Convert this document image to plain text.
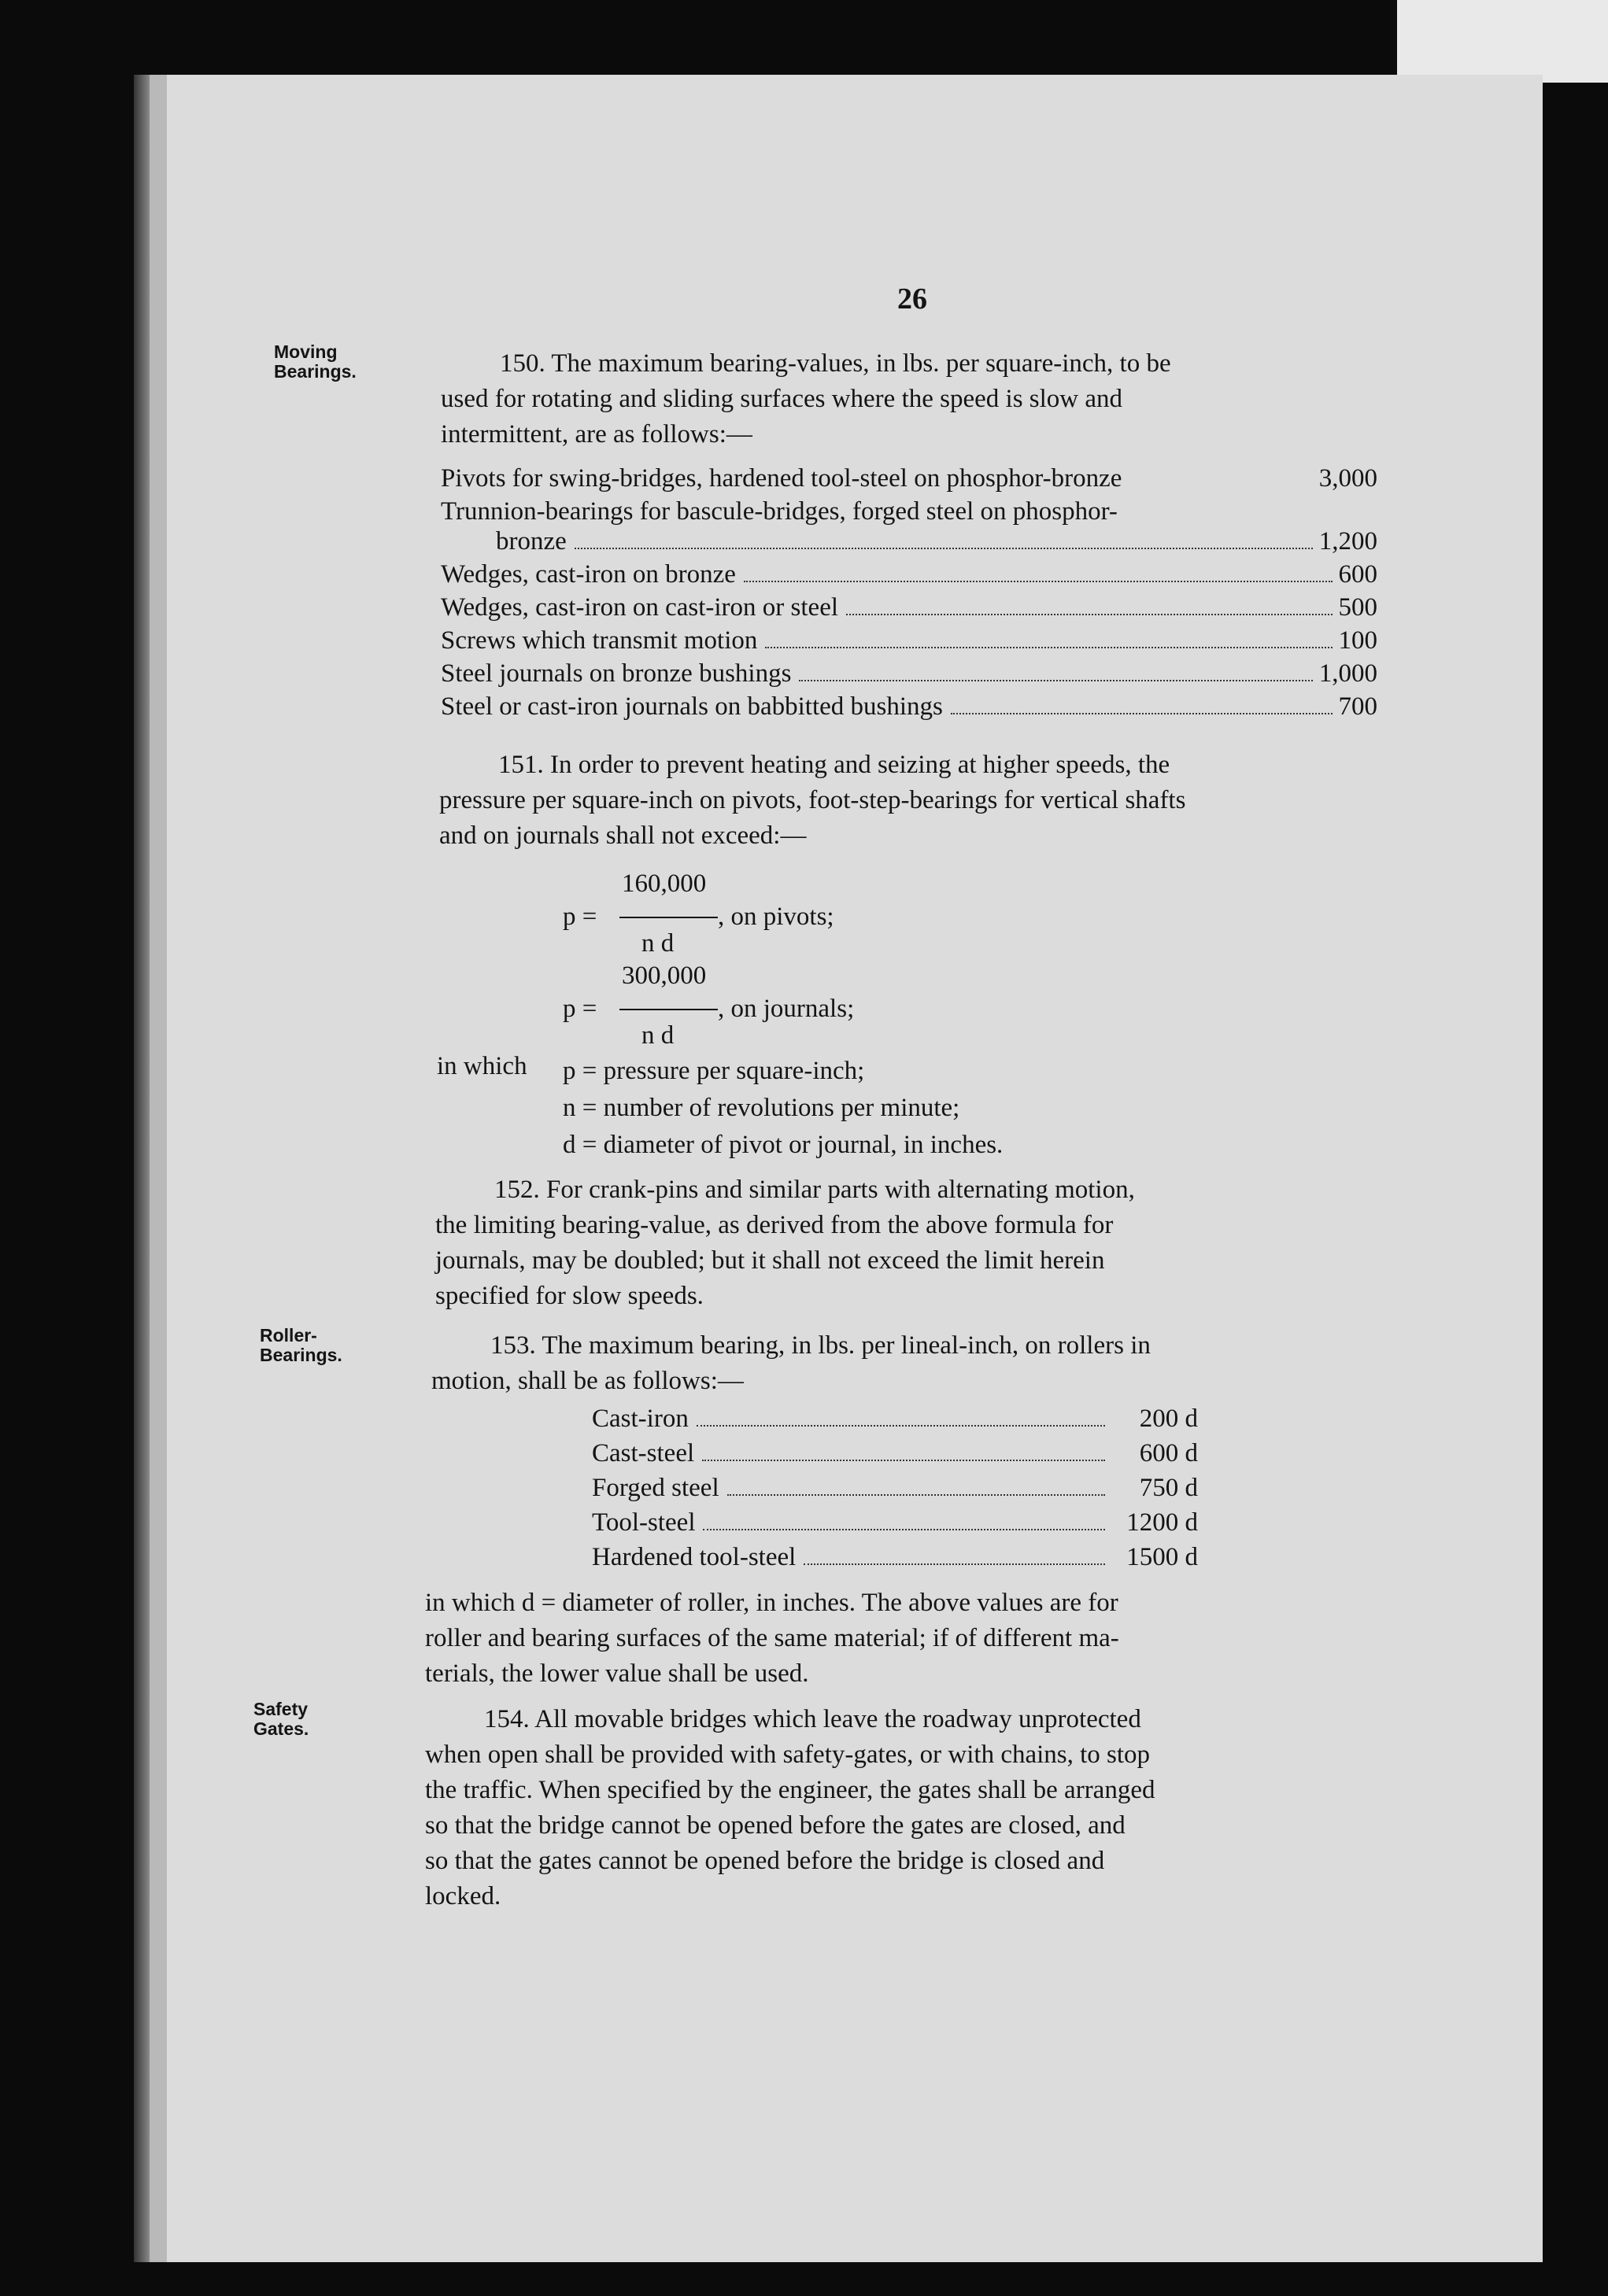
26
Moving
Bearings.
Roller-
Bearings.
Safety
Gates.
150. The maximum bearing-values, in lbs. per square-inch, to be
used for rotating and sliding surfaces where the speed is slow and
intermittent, are as follows:—
Pivots for swing-bridges, hardened tool-steel on phosphor-bronze	3,000
Trunnion-bearings for bascule-bridges, forged steel on phosphor-
bronze	1,200
Wedges, cast-iron on bronze	600
Wedges, cast-iron on cast-iron or steel	500
Screws which transmit motion	100
Steel journals on bronze bushings	1,000
Steel or cast-iron journals on babbitted bushings	700
151. In order to prevent heating and seizing at higher speeds, the
pressure per square-inch on pivots, foot-step-bearings for vertical shafts
and on journals shall not exceed:—
160,000
p =	, on pivots;
n d
300,000
p =	, on journals;
n d
in which p = pressure per square-inch;
n = number of revolutions per minute;
d = diameter of pivot or journal, in inches.
152. For crank-pins and similar parts with alternating motion,
the limiting bearing-value, as derived from the above formula for
journals, may be doubled; but it shall not exceed the limit herein
specified for slow speeds.
153. The maximum bearing, in lbs. per lineal-inch, on rollers in
motion, shall be as follows:—
Cast-iron	200 d
Cast-steel	600 d
Forged steel	750 d
Tool-steel	1200 d
Hardened tool-steel	1500 d
in which d = diameter of roller, in inches. The above values are for
roller and bearing surfaces of the same material; if of different ma-
terials, the lower value shall be used.
154. All movable bridges which leave the roadway unprotected
when open shall be provided with safety-gates, or with chains, to stop
the traffic. When specified by the engineer, the gates shall be arranged
so that the bridge cannot be opened before the gates are closed, and
so that the gates cannot be opened before the bridge is closed and
locked.
